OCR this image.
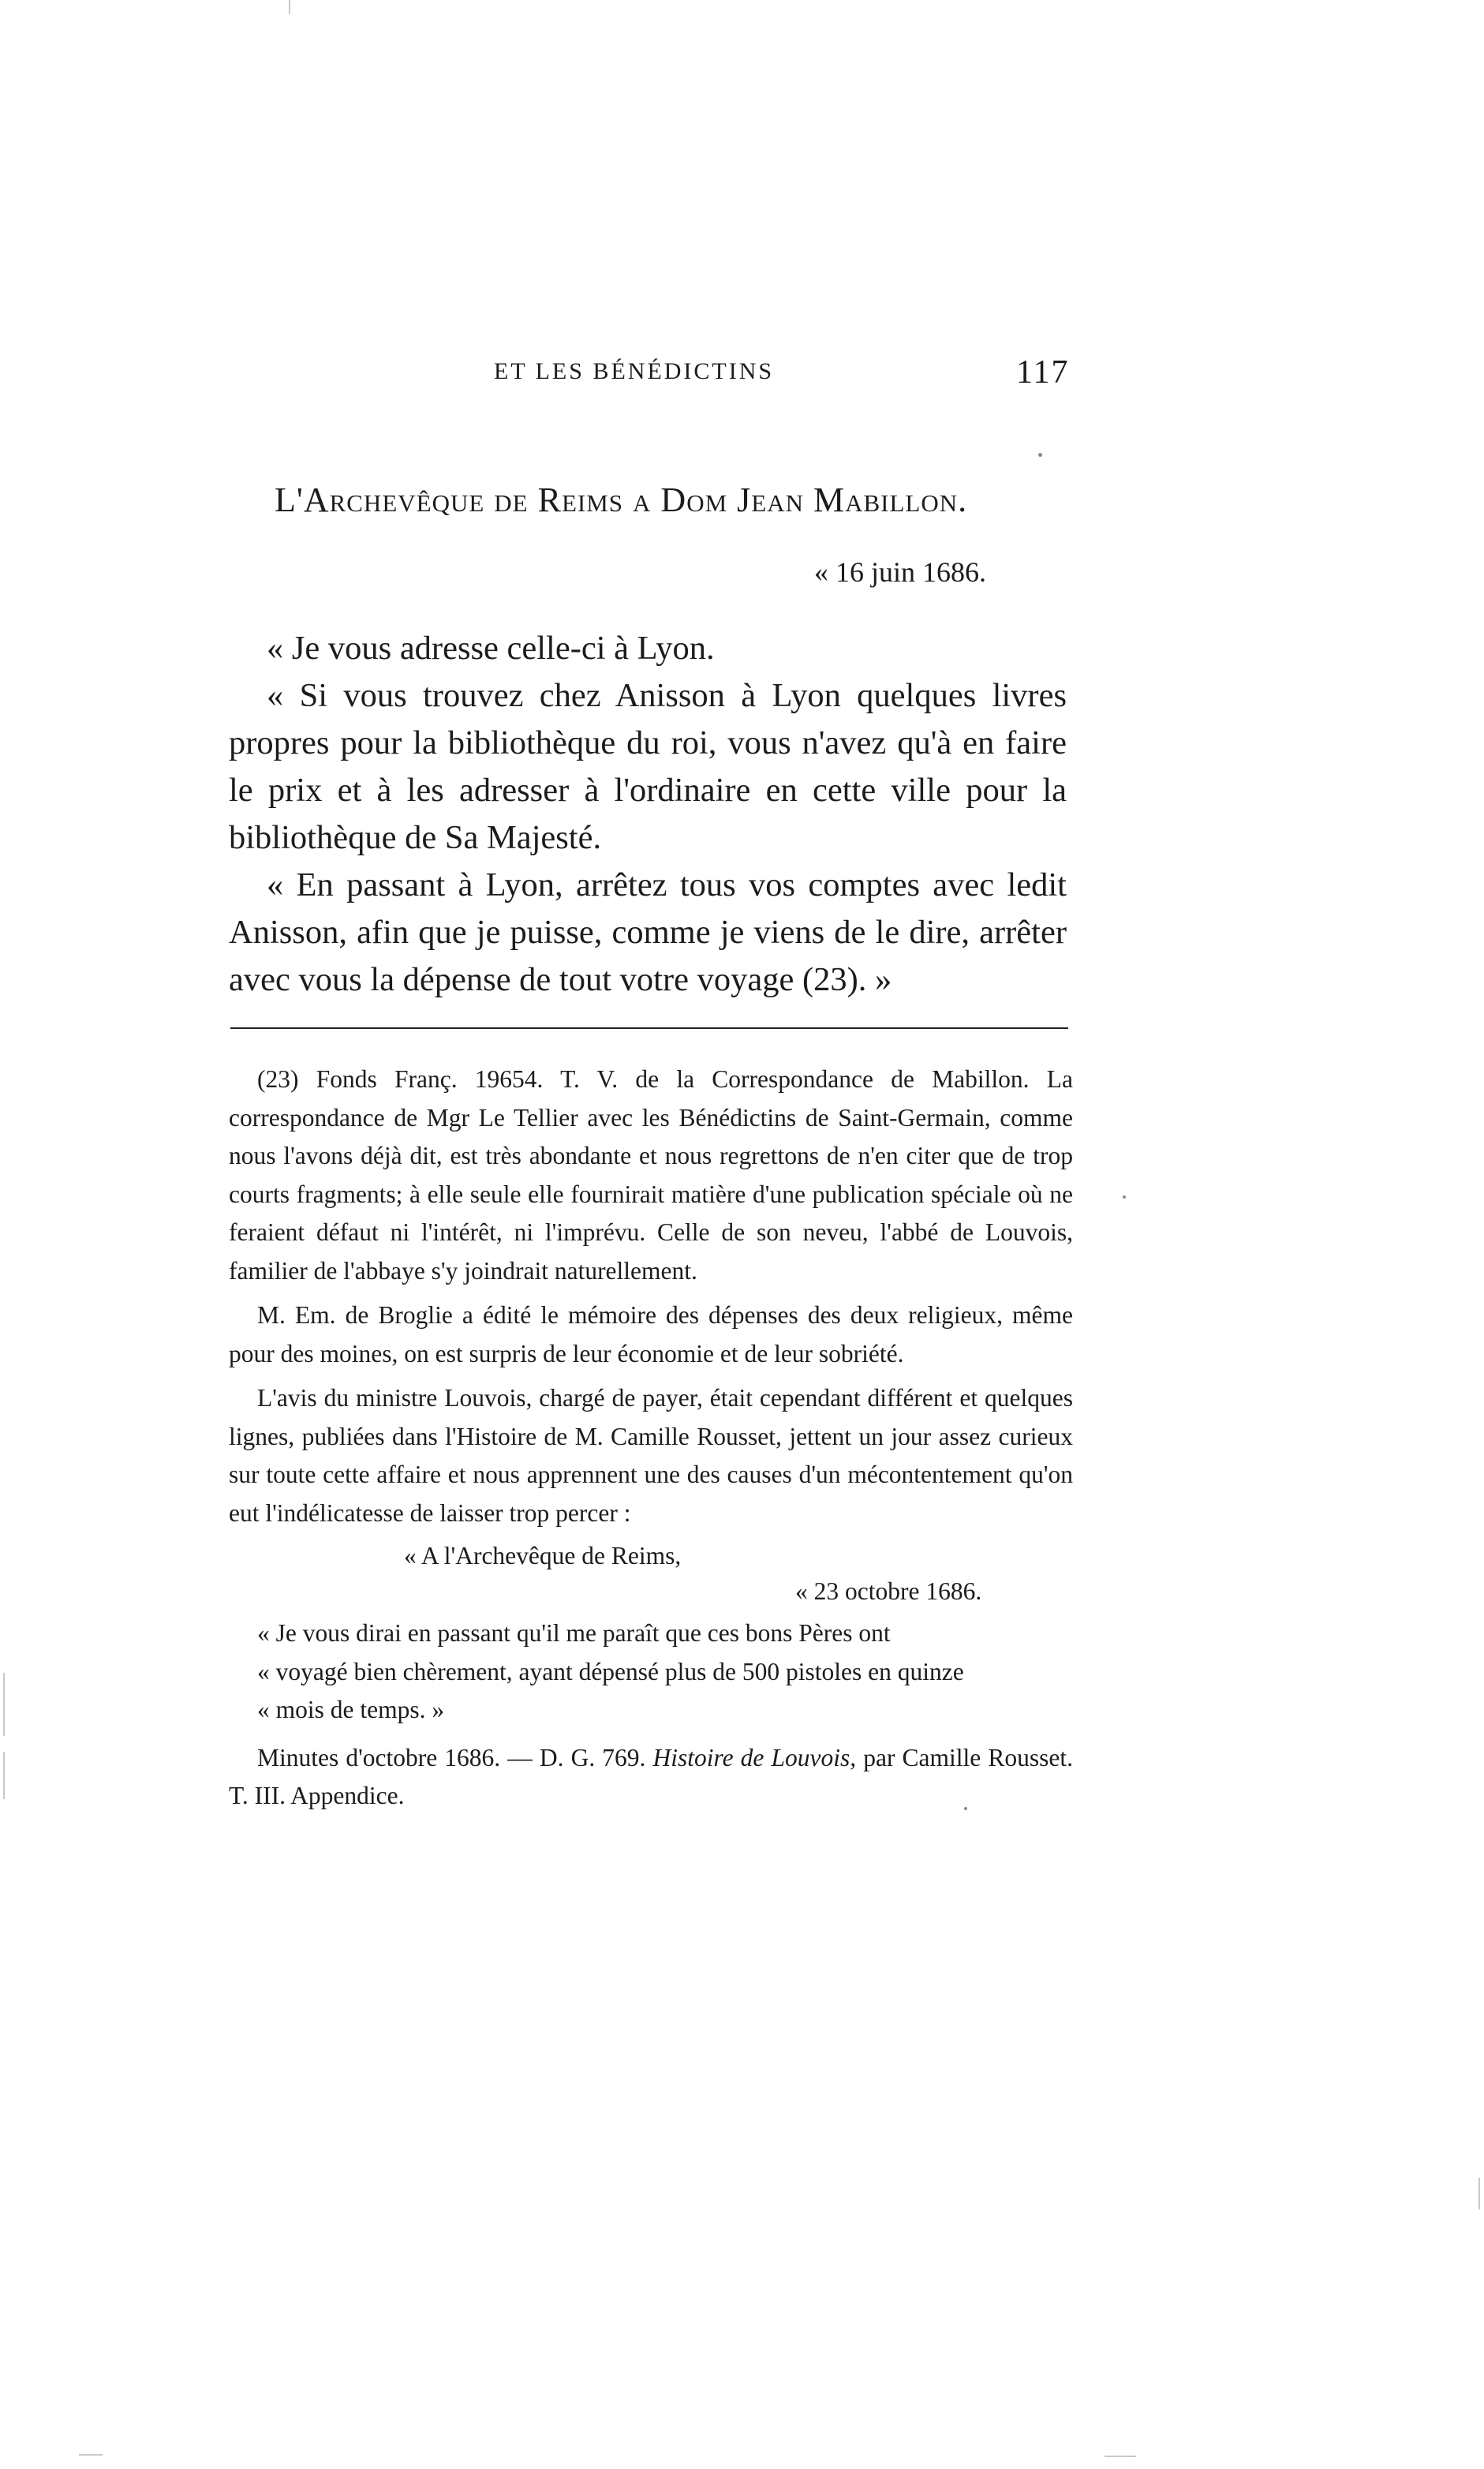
ET LES BÉNÉDICTINS	117
L'Archevêque de Reims a Dom Jean Mabillon.
« 16 juin 1686.

« Je vous adresse celle-ci à Lyon.

« Si vous trouvez chez Anisson à Lyon quelques livres propres pour la bibliothèque du roi, vous n'avez qu'à en faire le prix et à les adresser à l'ordinaire en cette ville pour la bibliothèque de Sa Majesté.

« En passant à Lyon, arrêtez tous vos comptes avec ledit Anisson, afin que je puisse, comme je viens de le dire, arrêter avec vous la dépense de tout votre voyage (23). »

(23) Fonds Franç. 19654. T. V. de la Correspondance de Mabillon. La correspondance de Mgr Le Tellier avec les Bénédictins de Saint-Germain, comme nous l'avons déjà dit, est très abondante et nous regrettons de n'en citer que de trop courts fragments; à elle seule elle fournirait matière d'une publication spéciale où ne feraient défaut ni l'intérêt, ni l'imprévu. Celle de son neveu, l'abbé de Louvois, familier de l'abbaye s'y joindrait naturellement.

M. Em. de Broglie a édité le mémoire des dépenses des deux religieux, même pour des moines, on est surpris de leur économie et de leur sobriété.

L'avis du ministre Louvois, chargé de payer, était cependant différent et quelques lignes, publiées dans l'Histoire de M. Camille Rousset, jettent un jour assez curieux sur toute cette affaire et nous apprennent une des causes d'un mécontentement qu'on eut l'indélicatesse de laisser trop percer :

« A l'Archevêque de Reims,
« 23 octobre 1686.

« Je vous dirai en passant qu'il me paraît que ces bons Pères ont

« voyagé bien chèrement, ayant dépensé plus de 500 pistoles en quinze

« mois de temps. »

Minutes d'octobre 1686. — D. G. 769. Histoire de Louvois, par Camille Rousset. T. III. Appendice.
